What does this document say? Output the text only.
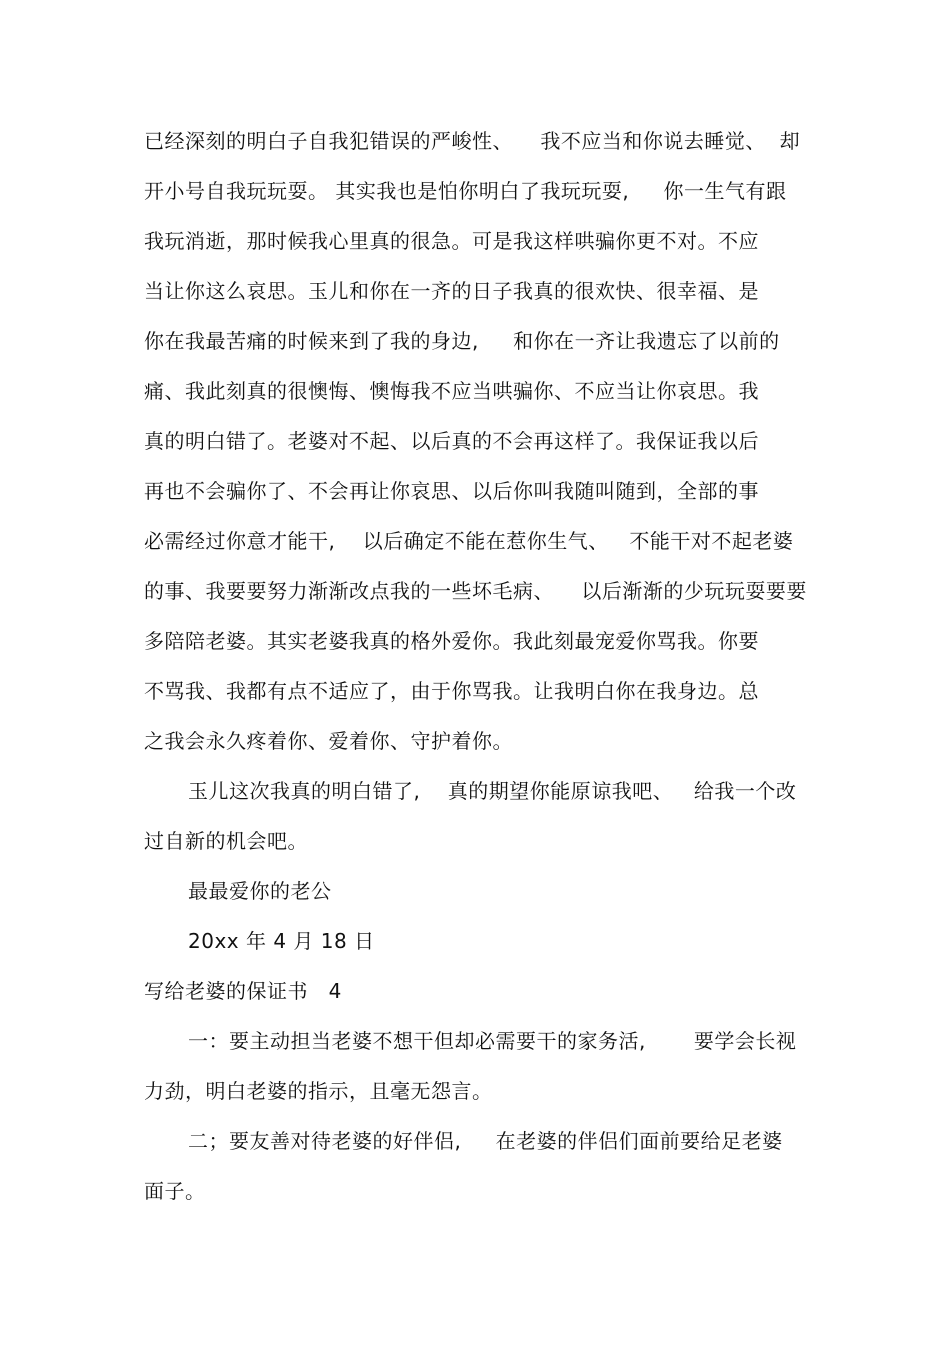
已经深刻的明白子自我犯错误的严峻性、    我不应当和你说去睡觉、  却
开小号自我玩玩耍。 其实我也是怕你明白了我玩玩耍,     你一生气有跟
我玩消逝，那时候我心里真的很急。可是我这样哄骗你更不对。不应
当让你这么哀思。玉儿和你在一齐的日子我真的很欢快、很幸福、是
你在我最苦痛的时候来到了我的身边,     和你在一齐让我遗忘了以前的
痛、我此刻真的很懊悔、懊悔我不应当哄骗你、不应当让你哀思。我
真的明白错了。老婆对不起、以后真的不会再这样了。我保证我以后
再也不会骗你了、不会再让你哀思、以后你叫我随叫随到，全部的事
必需经过你意才能干,    以后确定不能在惹你生气、   不能干对不起老婆
的事、我要要努力渐渐改点我的一些坏毛病、    以后渐渐的少玩玩耍要要
多陪陪老婆。其实老婆我真的格外爱你。我此刻最宠爱你骂我。你要
不骂我、我都有点不适应了，由于你骂我。让我明白你在我身边。总
之我会永久疼着你、爱着你、守护着你。
玉儿这次我真的明白错了,    真的期望你能原谅我吧、   给我一个改
过自新的机会吧。
最最爱你的老公
20xx 年 4 月 18 日
写给老婆的保证书   4
一：要主动担当老婆不想干但却必需要干的家务活,       要学会长视
力劲，明白老婆的指示，且毫无怨言。
二；要友善对待老婆的好伴侣,     在老婆的伴侣们面前要给足老婆
面子。
